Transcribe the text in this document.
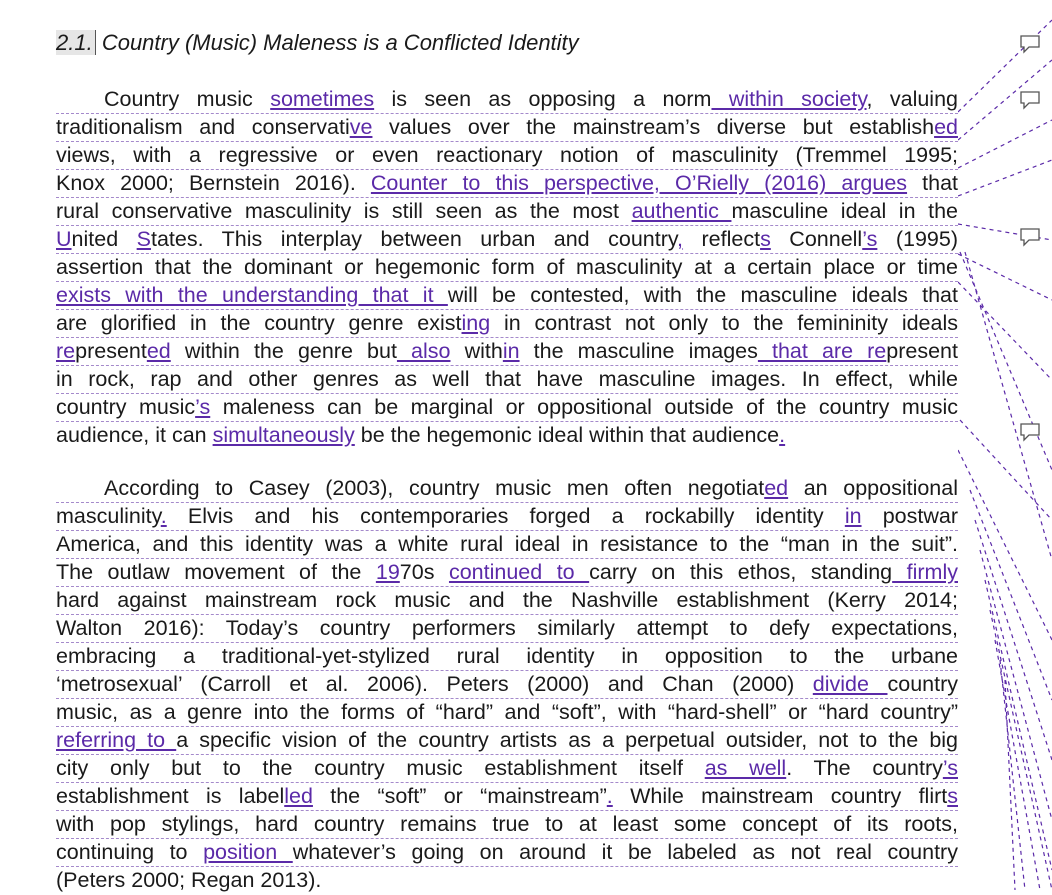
2.1. Country (Music) Maleness is a Conflicted Identity
Country music sometimes is seen as opposing a norm within society, valuing
traditionalism and conservative values over the mainstream’s diverse but established
views, with a regressive or even reactionary notion of masculinity (Tremmel 1995;
Knox 2000; Bernstein 2016). Counter to this perspective, O’Rielly (2016) argues that
rural conservative masculinity is still seen as the most authentic masculine ideal in the
United States. This interplay between urban and country, reflects Connell’s (1995)
assertion that the dominant or hegemonic form of masculinity at a certain place or time
exists with the understanding that it will be contested, with the masculine ideals that
are glorified in the country genre existing in contrast not only to the femininity ideals
represented within the genre but also within the masculine images that are represent
in rock, rap and other genres as well that have masculine images. In effect, while
country music’s maleness can be marginal or oppositional outside of the country music
audience, it can simultaneously be the hegemonic ideal within that audience.
According to Casey (2003), country music men often negotiated an oppositional
masculinity. Elvis and his contemporaries forged a rockabilly identity in postwar
America, and this identity was a white rural ideal in resistance to the “man in the suit”.
The outlaw movement of the 1970s continued to carry on this ethos, standing firmly
hard against mainstream rock music and the Nashville establishment (Kerry 2014;
Walton 2016): Today’s country performers similarly attempt to defy expectations,
embracing a traditional-yet-stylized rural identity in opposition to the urbane
‘metrosexual’ (Carroll et al. 2006). Peters (2000) and Chan (2000) divide country
music, as a genre into the forms of “hard” and “soft”, with “hard-shell” or “hard country”
referring to a specific vision of the country artists as a perpetual outsider, not to the big
city only but to the country music establishment itself as well. The country’s
establishment is labelled the “soft” or “mainstream”. While mainstream country flirts
with pop stylings, hard country remains true to at least some concept of its roots,
continuing to position whatever’s going on around it be labeled as not real country
(Peters 2000; Regan 2013).
